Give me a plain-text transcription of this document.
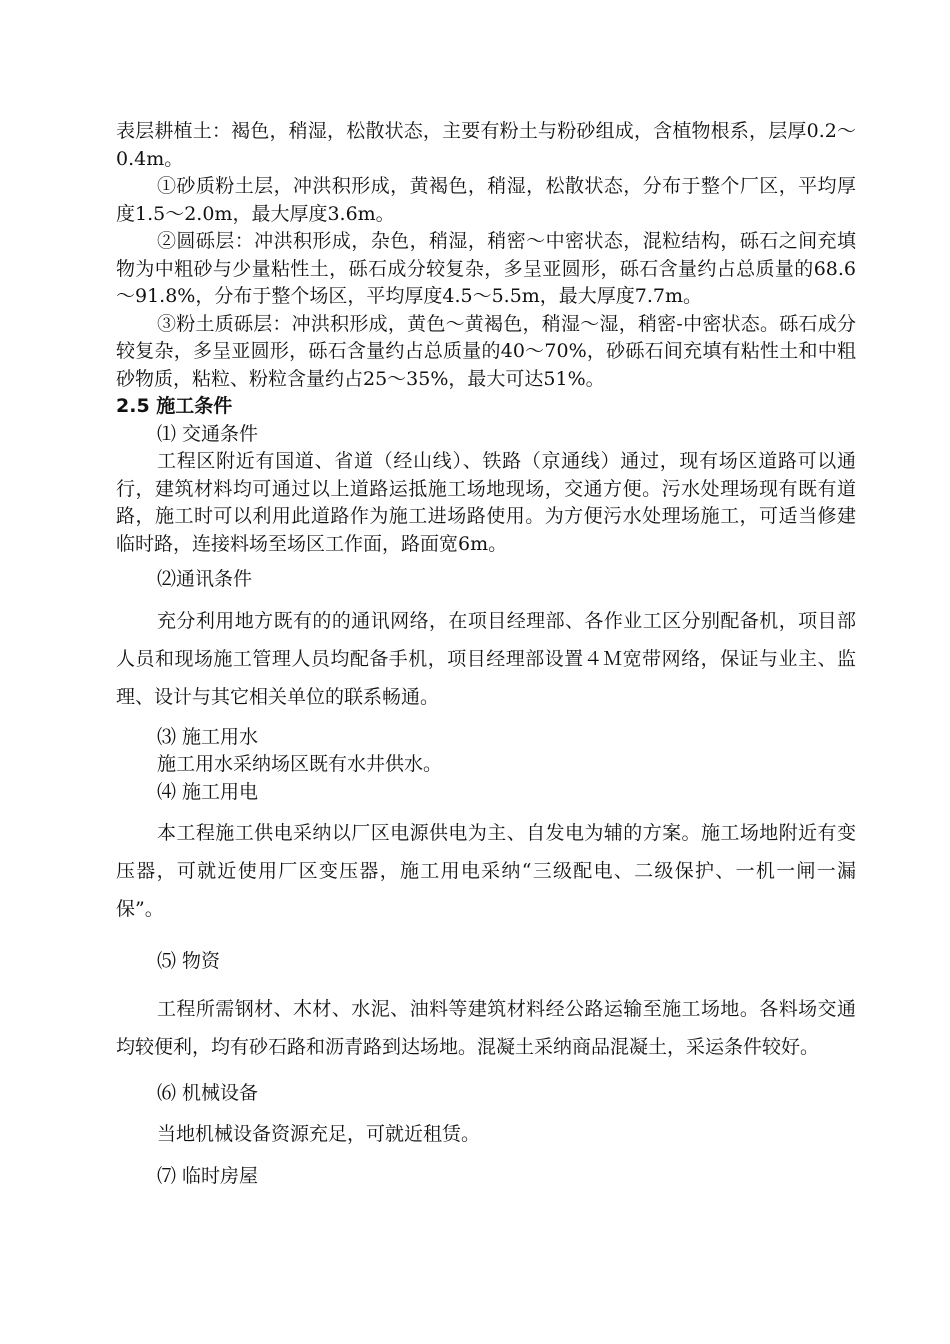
表层耕植土：褐色，稍湿，松散状态，主要有粉土与粉砂组成，含植物根系，层厚0.2～0.4m。

①砂质粉土层，冲洪积形成，黄褐色，稍湿，松散状态，分布于整个厂区，平均厚度1.5～2.0m，最大厚度3.6m。

②圆砾层：冲洪积形成，杂色，稍湿，稍密～中密状态，混粒结构，砾石之间充填物为中粗砂与少量粘性土，砾石成分较复杂，多呈亚圆形，砾石含量约占总质量的68.6～91.8%，分布于整个场区，平均厚度4.5～5.5m，最大厚度7.7m。

③粉土质砾层：冲洪积形成，黄色～黄褐色，稍湿～湿，稍密-中密状态。砾石成分较复杂，多呈亚圆形，砾石含量约占总质量的40～70%，砂砾石间充填有粘性土和中粗砂物质，粘粒、粉粒含量约占25～35%，最大可达51%。

2.5 施工条件

⑴ 交通条件

工程区附近有国道、省道（经山线）、铁路（京通线）通过，现有场区道路可以通行，建筑材料均可通过以上道路运抵施工场地现场，交通方便。污水处理场现有既有道路，施工时可以利用此道路作为施工进场路使用。为方便污水处理场施工，可适当修建临时路，连接料场至场区工作面，路面宽6m。

⑵通讯条件

充分利用地方既有的的通讯网络，在项目经理部、各作业工区分别配备机，项目部人员和现场施工管理人员均配备手机，项目经理部设置４Ｍ宽带网络，保证与业主、监理、设计与其它相关单位的联系畅通。

⑶ 施工用水

施工用水采纳场区既有水井供水。

⑷ 施工用电

本工程施工供电采纳以厂区电源供电为主、自发电为辅的方案。施工场地附近有变压器，可就近使用厂区变压器，施工用电采纳“三级配电、二级保护、一机一闸一漏保”。

⑸ 物资

工程所需钢材、木材、水泥、油料等建筑材料经公路运输至施工场地。各料场交通均较便利，均有砂石路和沥青路到达场地。混凝土采纳商品混凝土，采运条件较好。

⑹ 机械设备

当地机械设备资源充足，可就近租赁。

⑺ 临时房屋
